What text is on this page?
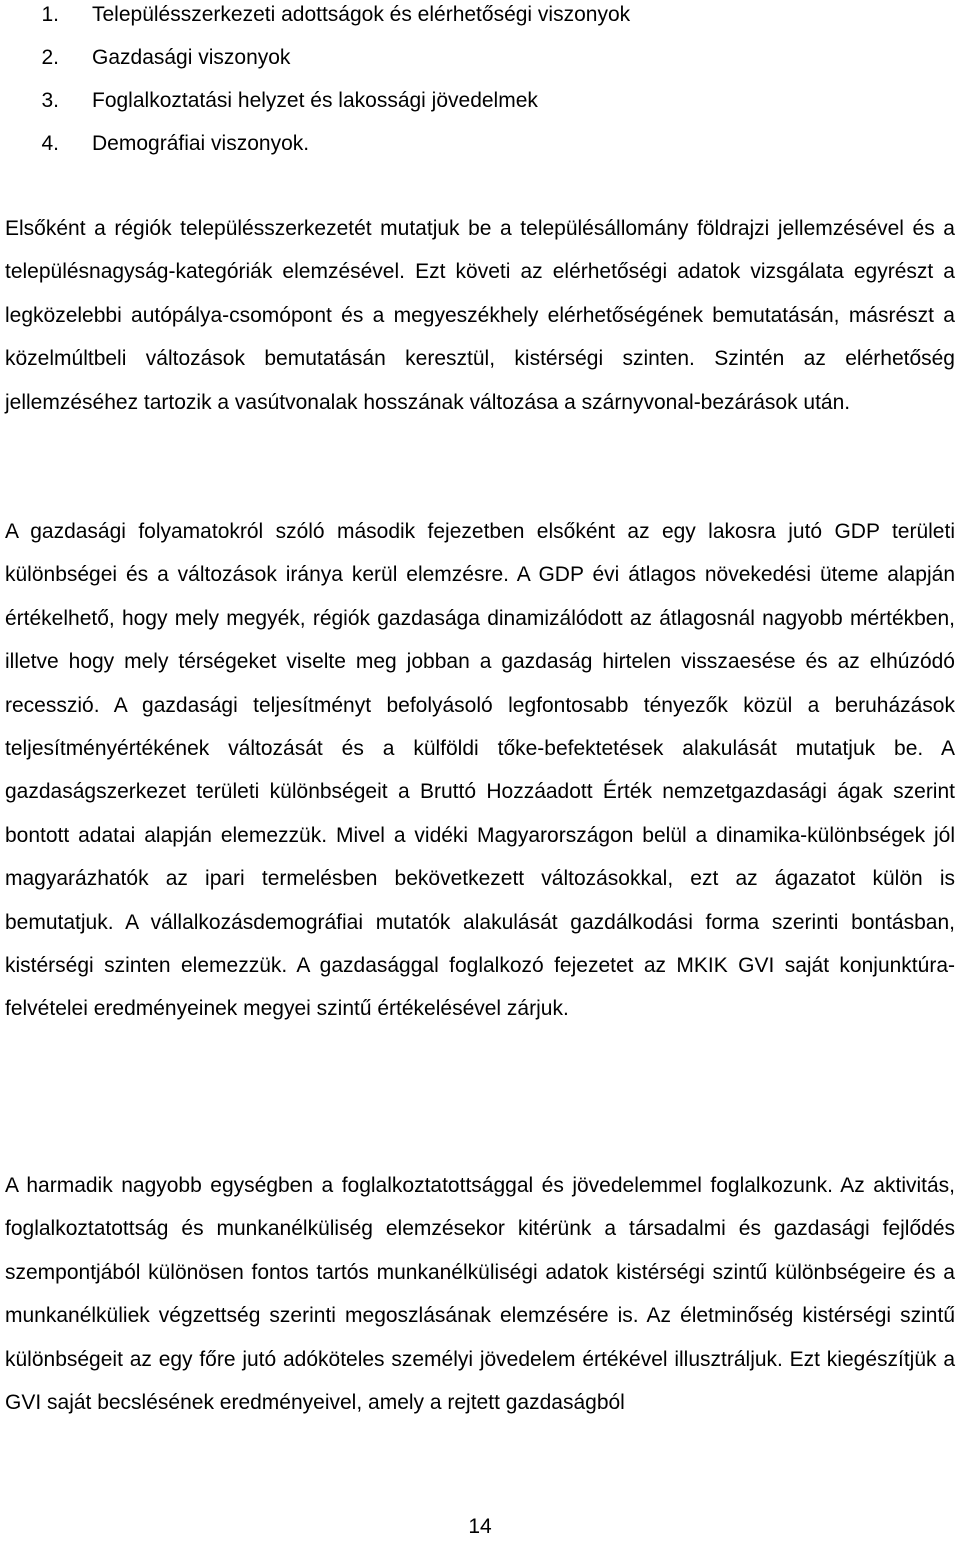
1. Településszerkezeti adottságok és elérhetőségi viszonyok
2. Gazdasági viszonyok
3. Foglalkoztatási helyzet és lakossági jövedelmek
4. Demográfiai viszonyok.

Elsőként a régiók településszerkezetét mutatjuk be a településállomány földrajzi jellemzésével és a településnagyság-kategóriák elemzésével. Ezt követi az elérhetőségi adatok vizsgálata egyrészt a legközelebbi autópálya-csomópont és a megyeszékhely elérhetőségének bemutatásán, másrészt a közelmúltbeli változások bemutatásán keresztül, kistérségi szinten. Szintén az elérhetőség jellemzéséhez tartozik a vasútvonalak hosszának változása a szárnyvonal-bezárások után.

A gazdasági folyamatokról szóló második fejezetben elsőként az egy lakosra jutó GDP területi különbségei és a változások iránya kerül elemzésre. A GDP évi átlagos növekedési üteme alapján értékelhető, hogy mely megyék, régiók gazdasága dinamizálódott az átlagosnál nagyobb mértékben, illetve hogy mely térségeket viselte meg jobban a gazdaság hirtelen visszaesése és az elhúzódó recesszió. A gazdasági teljesítményt befolyásoló legfontosabb tényezők közül a beruházások teljesítményértékének változását és a külföldi tőke-befektetések alakulását mutatjuk be. A gazdaságszerkezet területi különbségeit a Bruttó Hozzáadott Érték nemzetgazdasági ágak szerint bontott adatai alapján elemezzük. Mivel a vidéki Magyarországon belül a dinamika-különbségek jól magyarázhatók az ipari termelésben bekövetkezett változásokkal, ezt az ágazatot külön is bemutatjuk. A vállalkozásdemográfiai mutatók alakulását gazdálkodási forma szerinti bontásban, kistérségi szinten elemezzük. A gazdasággal foglalkozó fejezetet az MKIK GVI saját konjunktúra-felvételei eredményeinek megyei szintű értékelésével zárjuk.

A harmadik nagyobb egységben a foglalkoztatottsággal és jövedelemmel foglalkozunk. Az aktivitás, foglalkoztatottság és munkanélküliség elemzésekor kitérünk a társadalmi és gazdasági fejlődés szempontjából különösen fontos tartós munkanélküliségi adatok kistérségi szintű különbségeire és a munkanélküliek végzettség szerinti megoszlásának elemzésére is. Az életminőség kistérségi szintű különbségeit az egy főre jutó adóköteles személyi jövedelem értékével illusztráljuk. Ezt kiegészítjük a GVI saját becslésének eredményeivel, amely a rejtett gazdaságból

14
